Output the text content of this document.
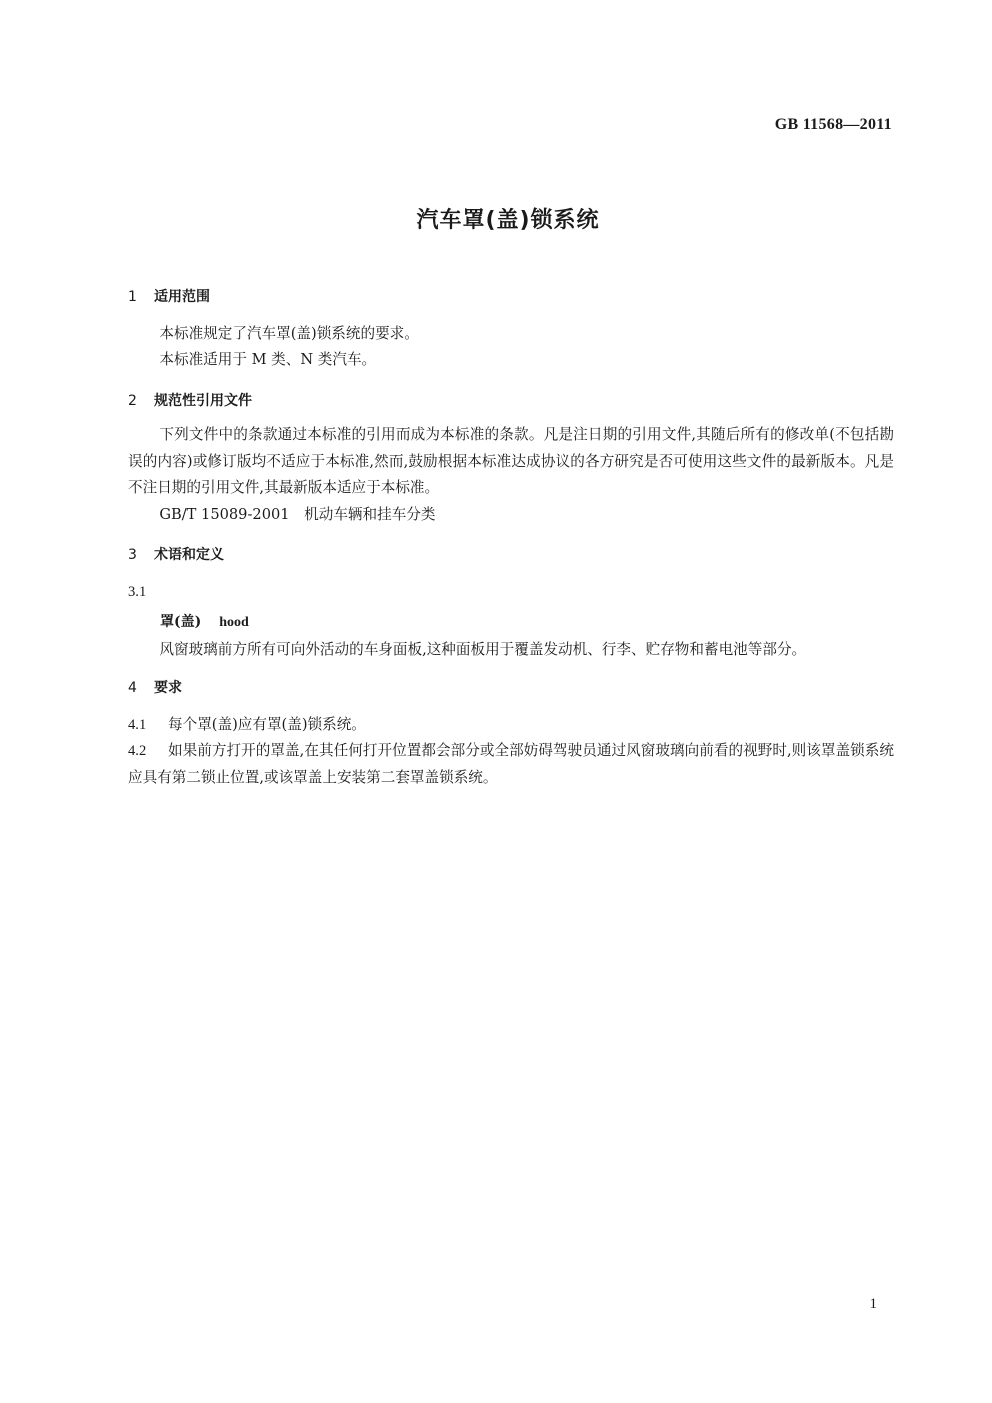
GB 11568—2011
汽车罩(盖)锁系统

1 适用范围

本标准规定了汽车罩(盖)锁系统的要求。

本标准适用于 M 类、N 类汽车。

2 规范性引用文件

下列文件中的条款通过本标准的引用而成为本标准的条款。凡是注日期的引用文件,其随后所有的修改单(不包括勘误的内容)或修订版均不适应于本标准,然而,鼓励根据本标准达成协议的各方研究是否可使用这些文件的最新版本。凡是不注日期的引用文件,其最新版本适应于本标准。

GB/T 15089-2001　机动车辆和挂车分类

3 术语和定义

3.1

罩(盖) hood

风窗玻璃前方所有可向外活动的车身面板,这种面板用于覆盖发动机、行李、贮存物和蓄电池等部分。

4 要求

4.1 每个罩(盖)应有罩(盖)锁系统。

4.2 如果前方打开的罩盖,在其任何打开位置都会部分或全部妨碍驾驶员通过风窗玻璃向前看的视野时,则该罩盖锁系统应具有第二锁止位置,或该罩盖上安装第二套罩盖锁系统。

1
